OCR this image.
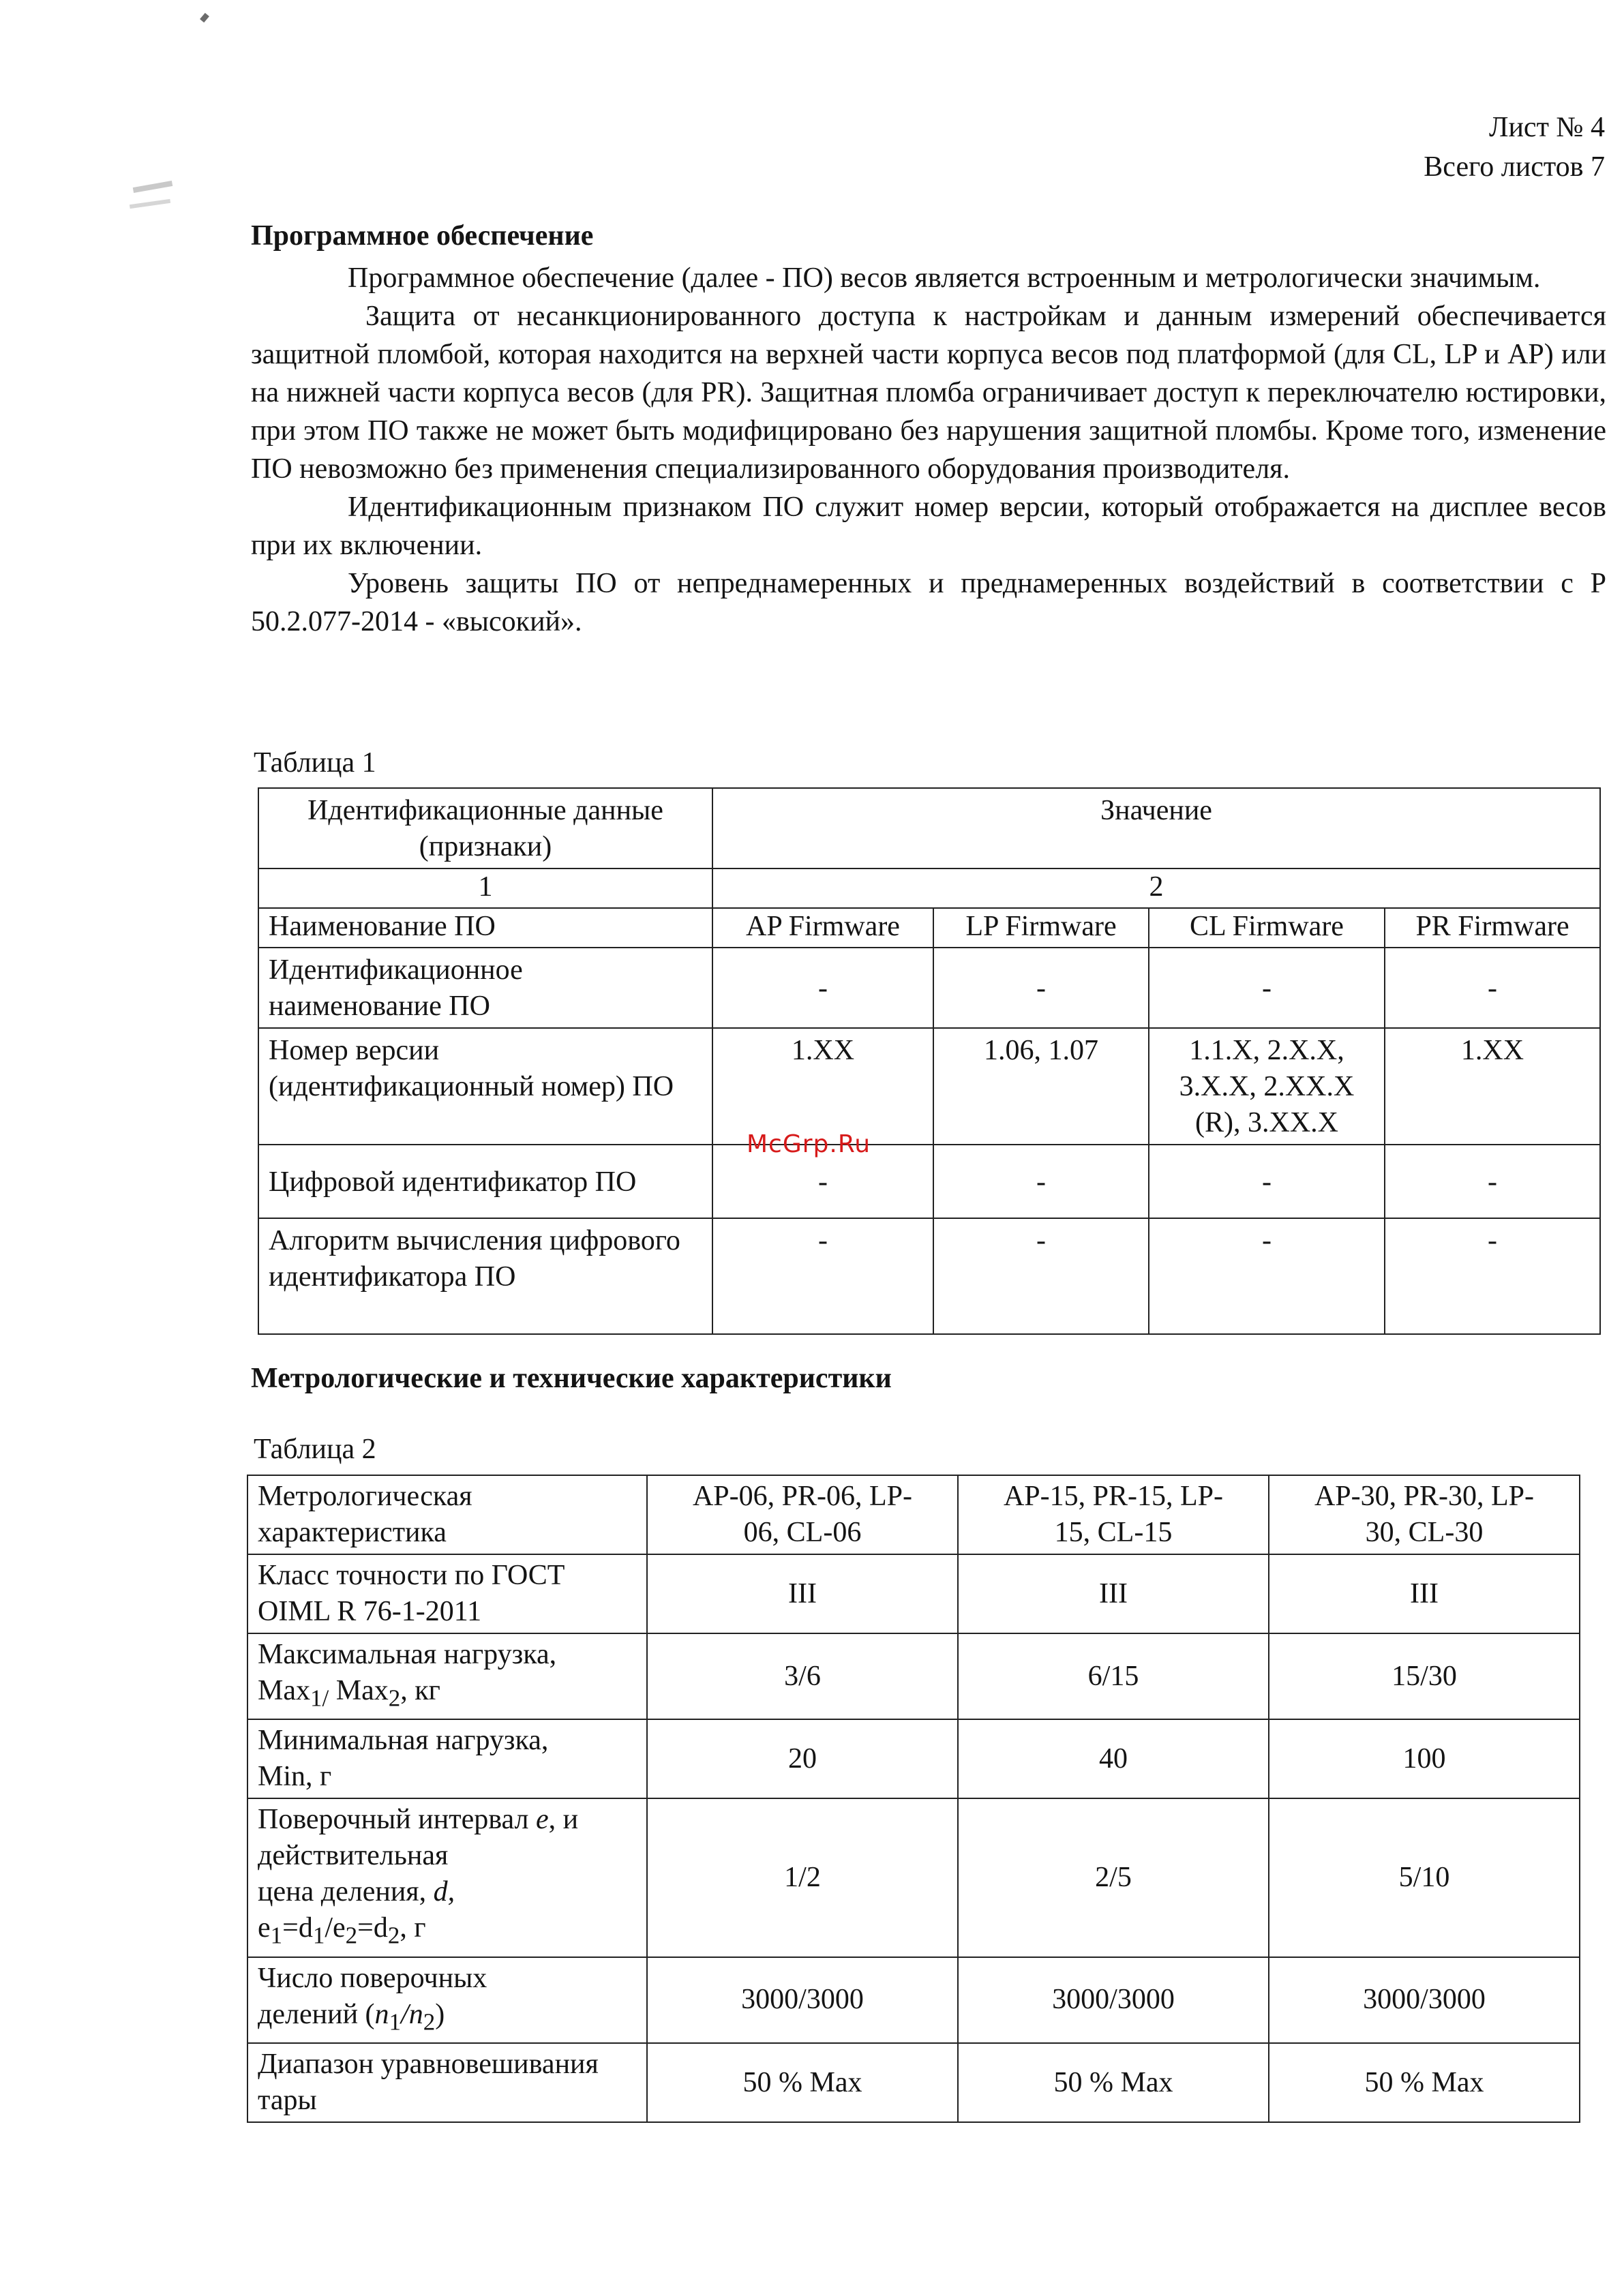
Лист № 4
Всего листов 7
Программное обеспечение

Программное обеспечение (далее - ПО) весов является встроенным и метрологически значимым.

Защита от несанкционированного доступа к настройкам и данным измерений обеспечивается защитной пломбой, которая находится на верхней части корпуса весов под платформой (для CL, LP и AP) или на нижней части корпуса весов (для PR). Защитная пломба ограничивает доступ к переключателю юстировки, при этом ПО также не может быть модифицировано без нарушения защитной пломбы. Кроме того, изменение ПО невозможно без применения специализированного оборудования производителя.

Идентификационным признаком ПО служит номер версии, который отображается на дисплее весов при их включении.

Уровень защиты ПО от непреднамеренных и преднамеренных воздействий в соответствии с Р 50.2.077-2014 - «высокий».

Таблица 1
Идентификационные данные (признаки)	Значение			
1	2			
Наименование ПО	AP Firmware	LP Firmware	CL Firmware	PR Firmware
Идентификационное наименование ПО	-	-	-	-
Номер версии (идентификационный номер) ПО	1.XX	1.06, 1.07	1.1.X, 2.X.X, 3.X.X, 2.XX.X (R), 3.XX.X	1.XX
Цифровой идентификатор ПО	-	-	-	-
Алгоритм вычисления цифрового идентификатора ПО	-	-	-	-
McGrp.Ru
Метрологические и технические характеристики
Таблица 2
Метрологическая характеристика	AP-06, PR-06, LP-06, CL-06	AP-15, PR-15, LP-15, CL-15	AP-30, PR-30, LP-30, CL-30
Класс точности по ГОСТ OIML R 76-1-2011	III	III	III
Максимальная нагрузка,
Max$_{1/}$ Max$_2$, кг	3/6	6/15	15/30
Минимальная нагрузка, Min, г	20	40	100
Поверочный интервал e, и действительная
цена деления, d,
$e_1=d_1/e_2=d_2$, г	1/2	2/5	5/10
Число поверочных делений $(n_1/n_2)$	3000/3000	3000/3000	3000/3000
Диапазон уравновешивания тары	50 % Max	50 % Max	50 % Max
